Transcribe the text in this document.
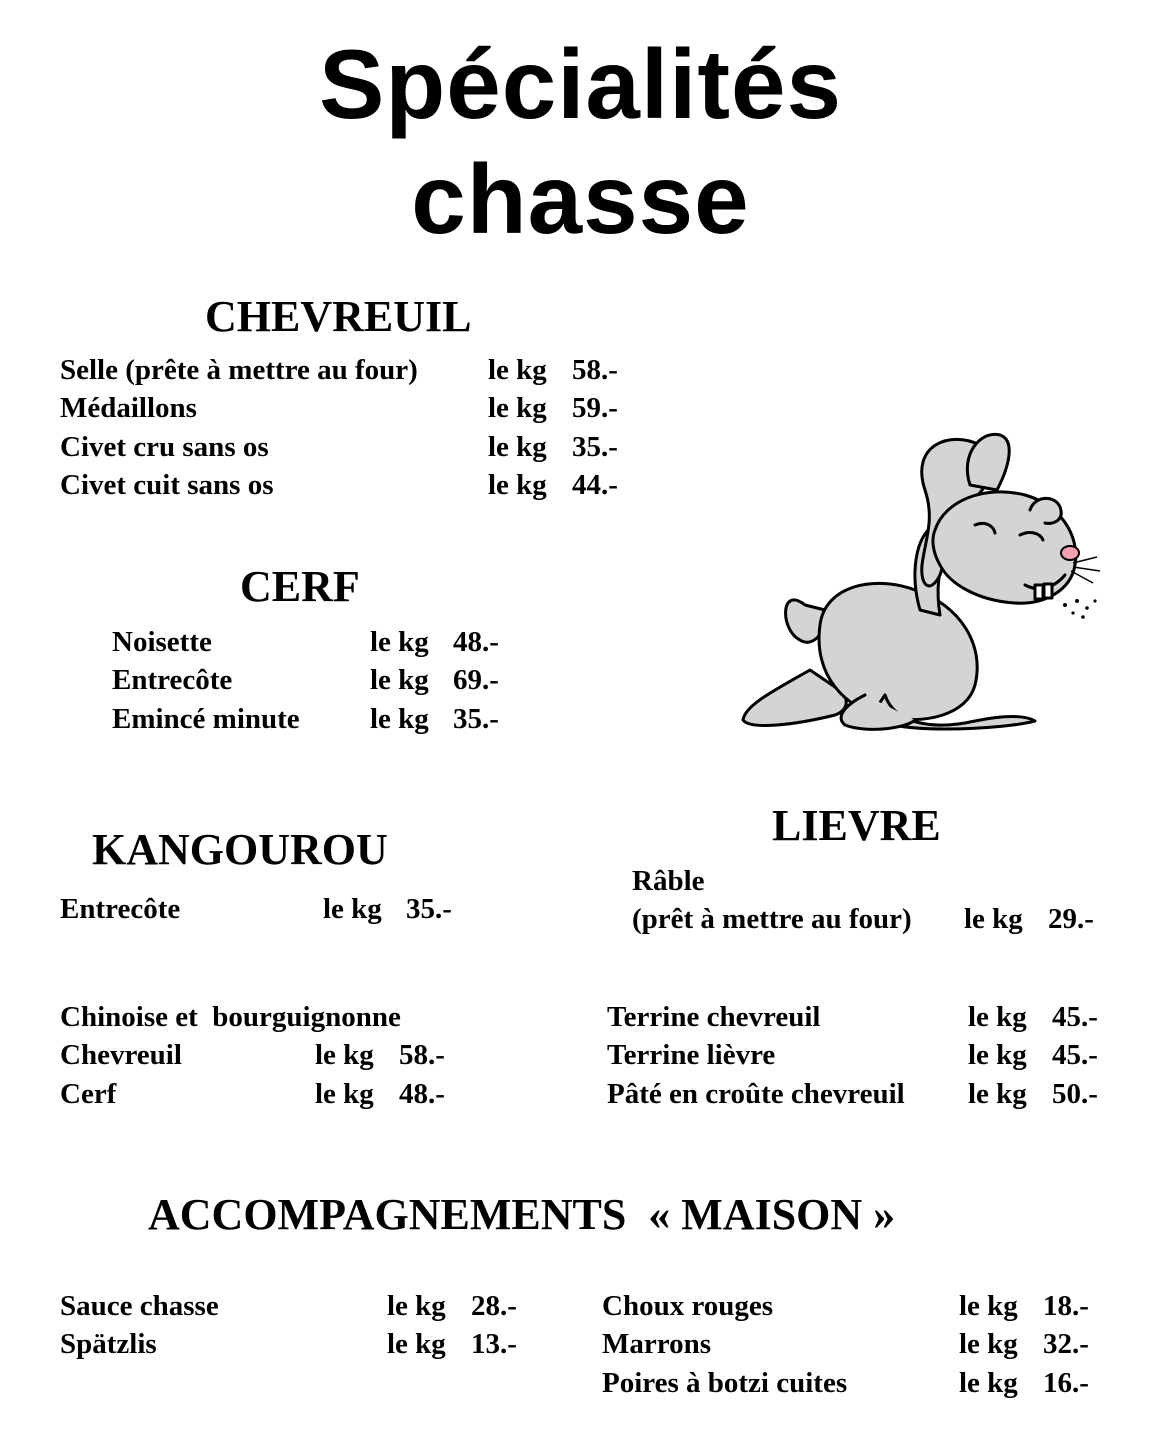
Spécialités
chasse
CHEVREUIL
Selle (prête à mettre au four) le kg 58.-
Médaillons	le kg 59.-
Civet cru sans os	le kg 35.-
Civet cuit sans os	le kg 44.-
CERF
Noisette	le kg 48.-
Entrecôte	le kg 69.-
Emincé minute le kg 35.-
LIEVRE
Râble
(prêt à mettre au four) le kg 29.-
KANGOUROU
Entrecôte	le kg 35.-
Chinoise et  bourguignonne
Chevreuil	le kg 58.-
Cerf	le kg 48.-
Terrine chevreuil	le kg 45.-
Terrine lièvre	le kg 45.-
Pâté en croûte chevreuil le kg 50.-
ACCOMPAGNEMENTS  « MAISON »
Sauce chasse	le kg 28.-
Spätzlis	le kg 13.-
Choux rouges	le kg 18.-
Marrons	le kg 32.-
Poires à botzi cuites	le kg 16.-
